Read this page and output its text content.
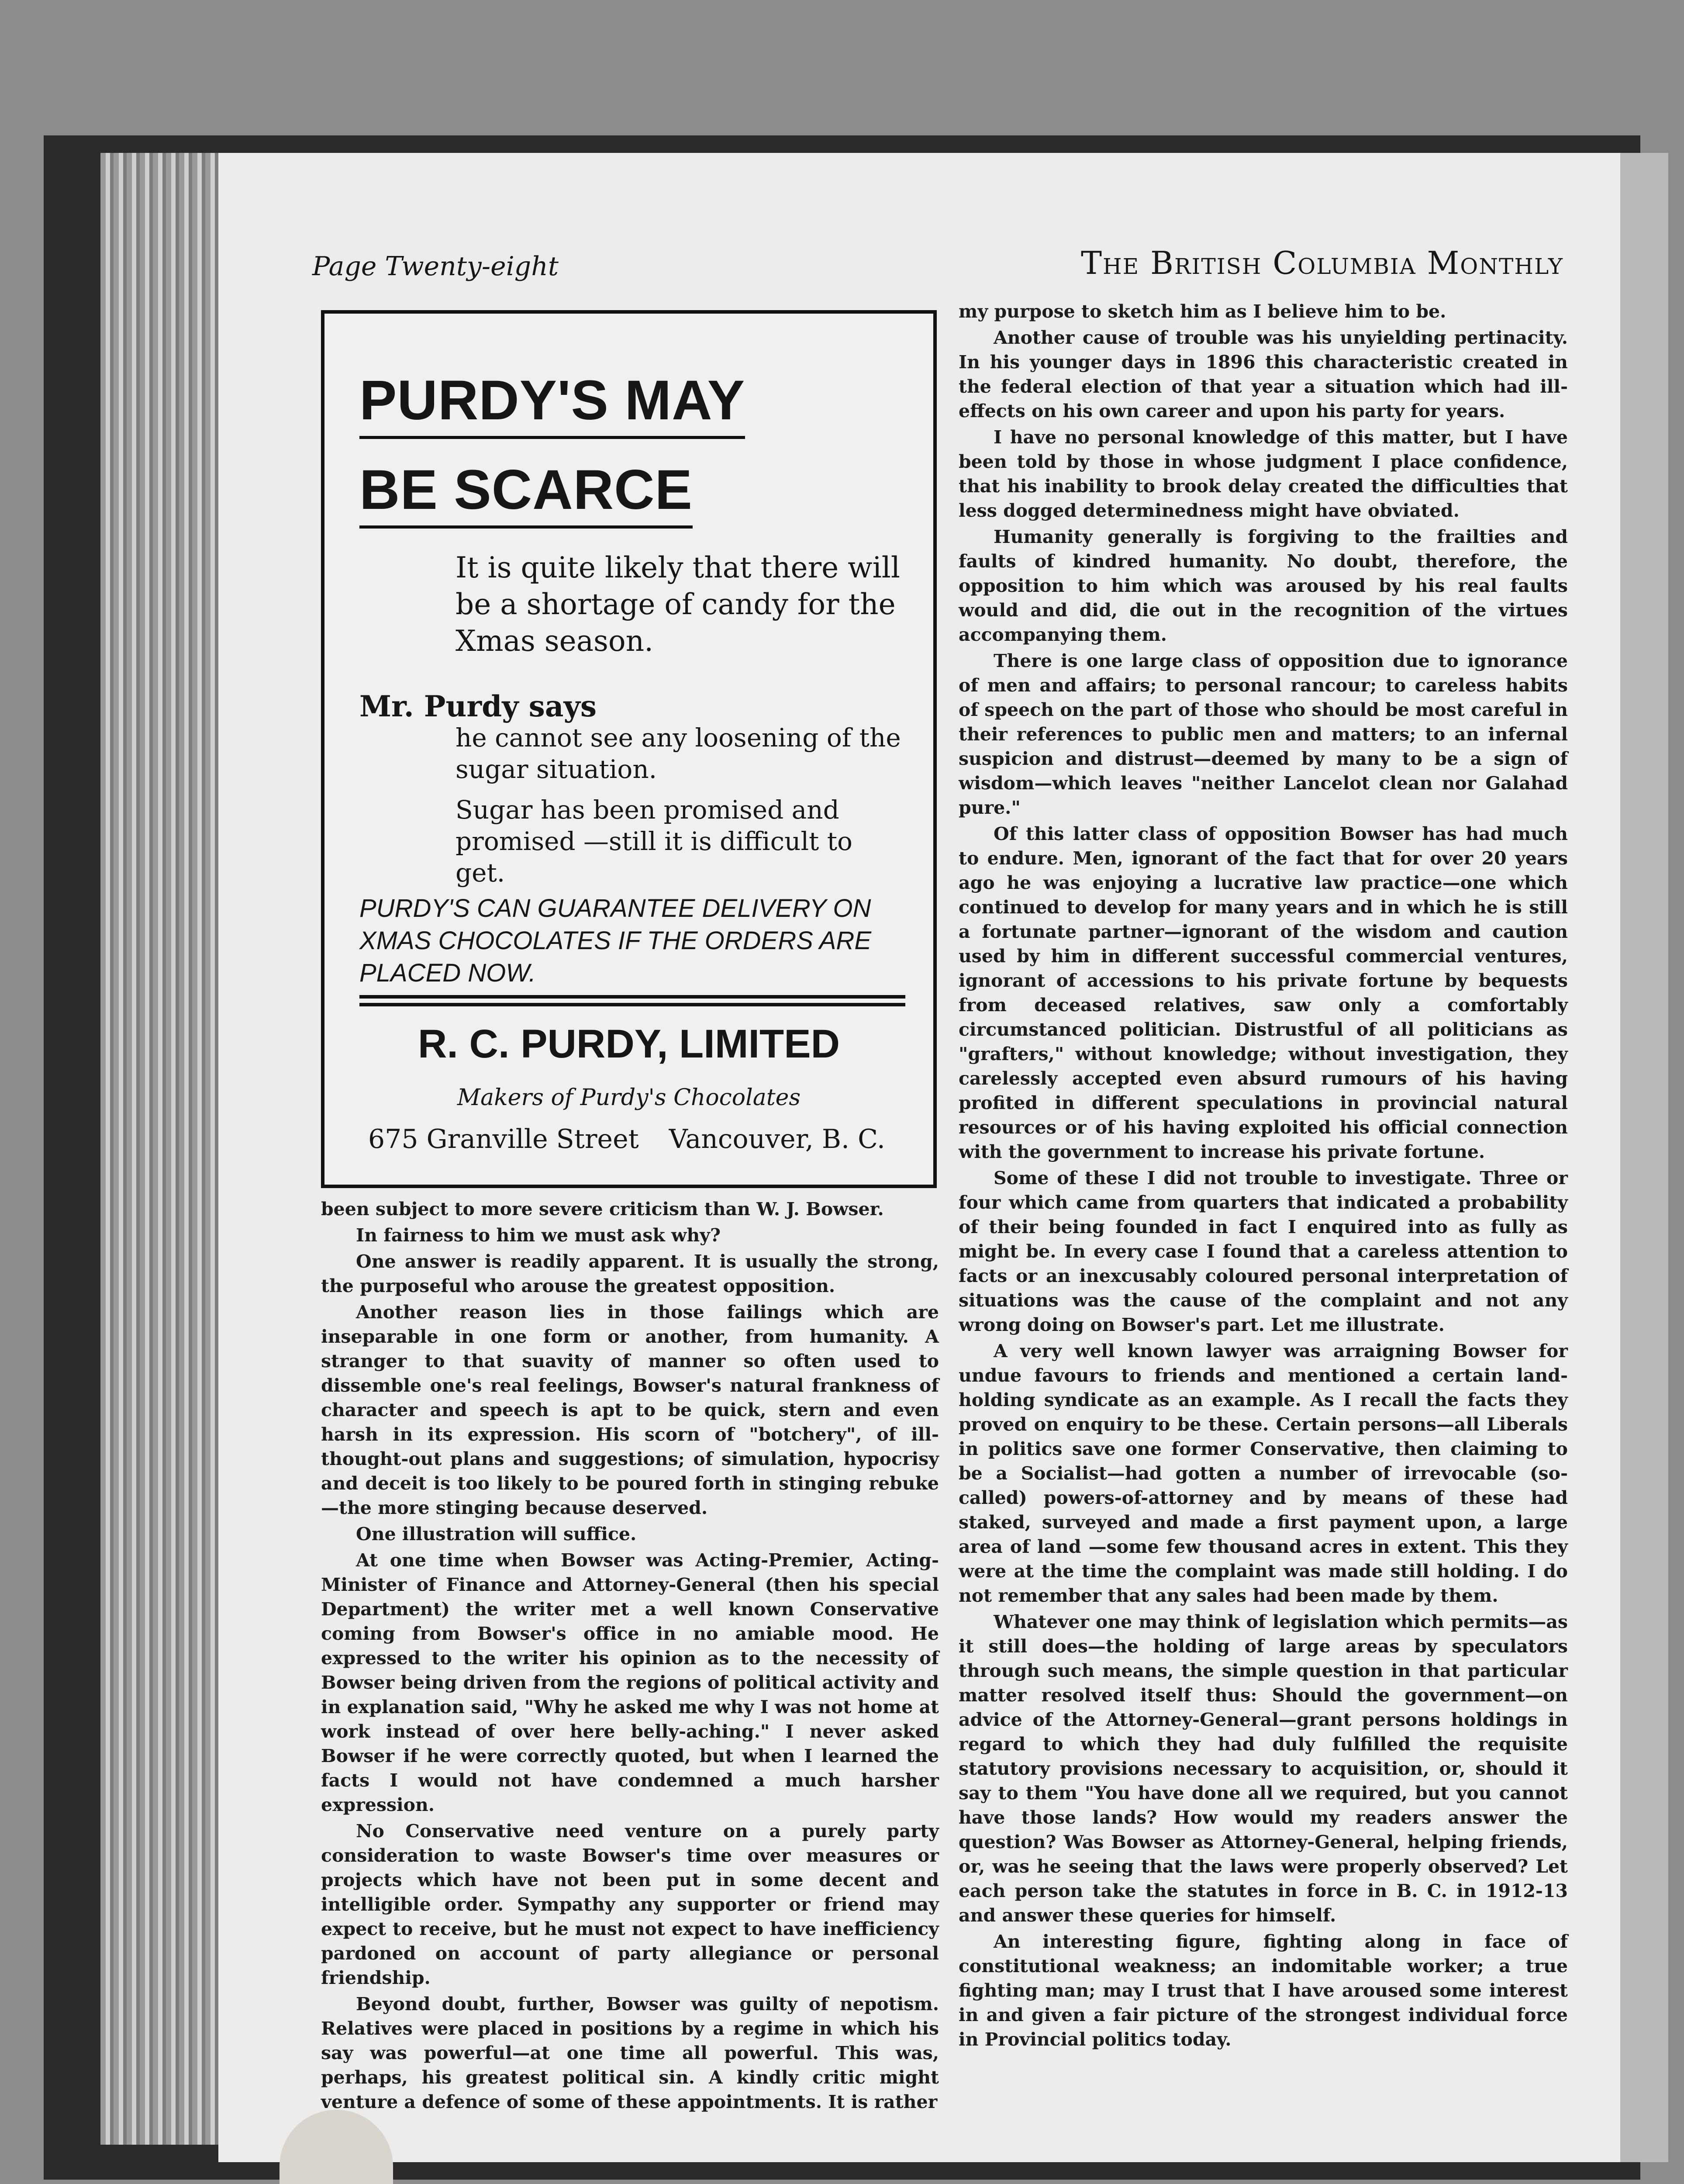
Page Twenty-eight	The British Columbia Monthly
PURDY'S MAY
BE SCARCE
It is quite likely that there will be a shortage of candy for the Xmas season.
Mr. Purdy says
he cannot see any loosening of the sugar situation.
Sugar has been promised and promised —still it is difficult to get.
PURDY'S CAN GUARANTEE DELIVERY ON XMAS CHOCOLATES IF THE ORDERS ARE PLACED NOW.
R. C. PURDY, LIMITED
Makers of Purdy's Chocolates
675 Granville Street Vancouver, B. C.

been subject to more severe criticism than W. J. Bowser.

In fairness to him we must ask why?

One answer is readily apparent. It is usually the strong, the purposeful who arouse the greatest opposition.

Another reason lies in those failings which are inseparable in one form or another, from humanity. A stranger to that suavity of manner so often used to dissemble one's real feelings, Bowser's natural frankness of character and speech is apt to be quick, stern and even harsh in its expression. His scorn of "botchery", of ill-thought-out plans and suggestions; of simulation, hypocrisy and deceit is too likely to be poured forth in stinging rebuke—the more stinging because deserved.

One illustration will suffice.

At one time when Bowser was Acting-Premier, Acting-Minister of Finance and Attorney-General (then his special Department) the writer met a well known Conservative coming from Bowser's office in no amiable mood. He expressed to the writer his opinion as to the necessity of Bowser being driven from the regions of political activity and in explanation said, "Why he asked me why I was not home at work instead of over here belly-aching." I never asked Bowser if he were correctly quoted, but when I learned the facts I would not have condemned a much harsher expression.

No Conservative need venture on a purely party consideration to waste Bowser's time over measures or projects which have not been put in some decent and intelligible order. Sympathy any supporter or friend may expect to receive, but he must not expect to have inefficiency pardoned on account of party allegiance or personal friendship.

Beyond doubt, further, Bowser was guilty of nepotism. Relatives were placed in positions by a regime in which his say was powerful—at one time all powerful. This was, perhaps, his greatest political sin. A kindly critic might venture a defence of some of these appointments. It is rather

my purpose to sketch him as I believe him to be.

Another cause of trouble was his unyielding pertinacity. In his younger days in 1896 this characteristic created in the federal election of that year a situation which had ill-effects on his own career and upon his party for years.

I have no personal knowledge of this matter, but I have been told by those in whose judgment I place confidence, that his inability to brook delay created the difficulties that less dogged determinedness might have obviated.

Humanity generally is forgiving to the frailties and faults of kindred humanity. No doubt, therefore, the opposition to him which was aroused by his real faults would and did, die out in the recognition of the virtues accompanying them.

There is one large class of opposition due to ignorance of men and affairs; to personal rancour; to careless habits of speech on the part of those who should be most careful in their references to public men and matters; to an infernal suspicion and distrust—deemed by many to be a sign of wisdom—which leaves "neither Lancelot clean nor Galahad pure."

Of this latter class of opposition Bowser has had much to endure. Men, ignorant of the fact that for over 20 years ago he was enjoying a lucrative law practice—one which continued to develop for many years and in which he is still a fortunate partner—ignorant of the wisdom and caution used by him in different successful commercial ventures, ignorant of accessions to his private fortune by bequests from deceased relatives, saw only a comfortably circumstanced politician. Distrustful of all politicians as "grafters," without knowledge; without investigation, they carelessly accepted even absurd rumours of his having profited in different speculations in provincial natural resources or of his having exploited his official connection with the government to increase his private fortune.

Some of these I did not trouble to investigate. Three or four which came from quarters that indicated a probability of their being founded in fact I enquired into as fully as might be. In every case I found that a careless attention to facts or an inexcusably coloured personal interpretation of situations was the cause of the complaint and not any wrong doing on Bowser's part. Let me illustrate.

A very well known lawyer was arraigning Bowser for undue favours to friends and mentioned a certain land-holding syndicate as an example. As I recall the facts they proved on enquiry to be these. Certain persons—all Liberals in politics save one former Conservative, then claiming to be a Socialist—had gotten a number of irrevocable (so-called) powers-of-attorney and by means of these had staked, surveyed and made a first payment upon, a large area of land —some few thousand acres in extent. This they were at the time the complaint was made still holding. I do not remember that any sales had been made by them.

Whatever one may think of legislation which permits—as it still does—the holding of large areas by speculators through such means, the simple question in that particular matter resolved itself thus: Should the government—on advice of the Attorney-General—grant persons holdings in regard to which they had duly fulfilled the requisite statutory provisions necessary to acquisition, or, should it say to them "You have done all we required, but you cannot have those lands? How would my readers answer the question? Was Bowser as Attorney-General, helping friends, or, was he seeing that the laws were properly observed? Let each person take the statutes in force in B. C. in 1912-13 and answer these queries for himself.

An interesting figure, fighting along in face of constitutional weakness; an indomitable worker; a true fighting man; may I trust that I have aroused some interest in and given a fair picture of the strongest individual force in Provincial politics today.
